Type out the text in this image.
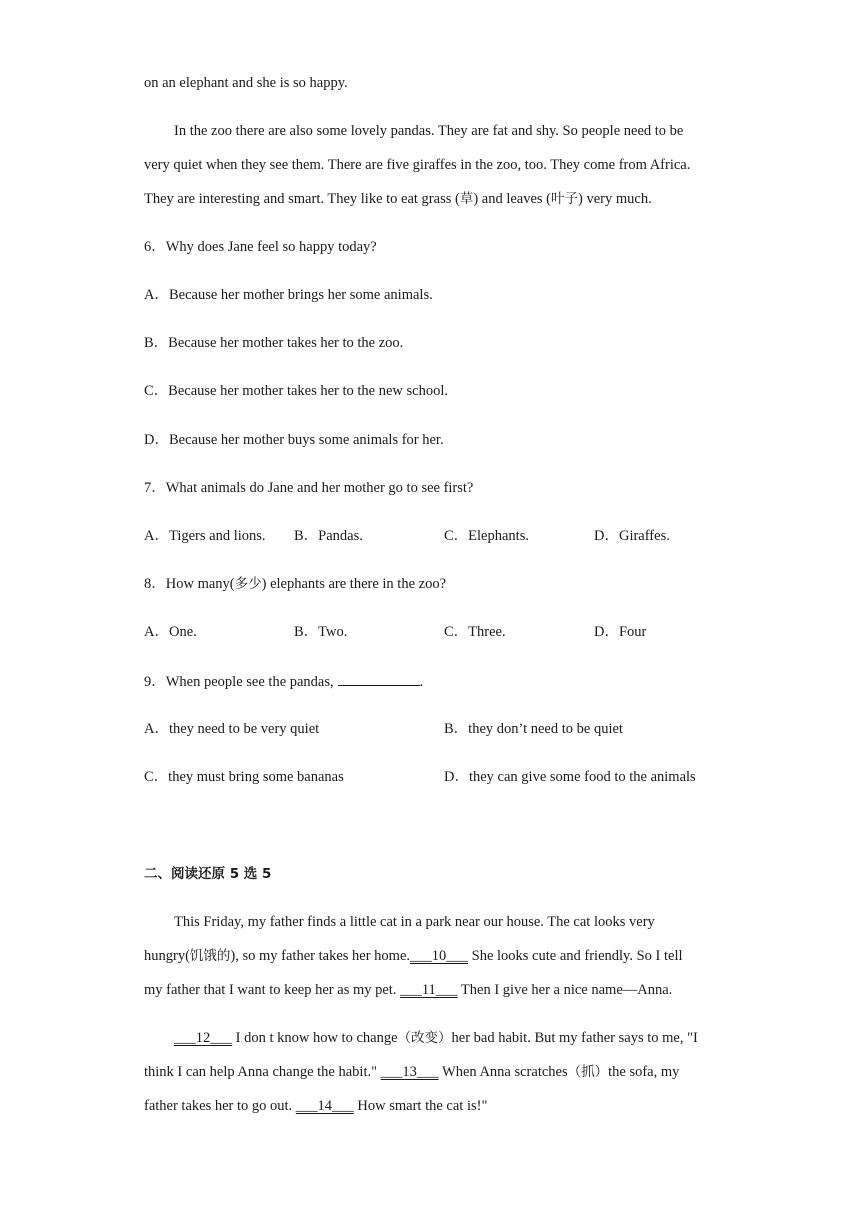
on an elephant and she is so happy.
In the zoo there are also some lovely pandas. They are fat and shy. So people need to be
very quiet when they see them. There are five giraffes in the zoo, too. They come from Africa.
They are interesting and smart. They like to eat grass (草) and leaves (叶子) very much.
6．Why does Jane feel so happy today?
A．Because her mother brings her some animals.
B．Because her mother takes her to the zoo.
C．Because her mother takes her to the new school.
D．Because her mother buys some animals for her.
7．What animals do Jane and her mother go to see first?
A．Tigers and lions. B．Pandas.	C．Elephants.	D．Giraffes.
8．How many(多少) elephants are there in the zoo?
A．One.	B．Two.	C．Three.	D．Four
9．When people see the pandas,	.
A．they need to be very quiet	B．they don’t need to be quiet
C．they must bring some bananas	D．they can give some food to the animals
二、阅读还原 5 选 5
This Friday, my father finds a little cat in a park near our house. The cat looks very
hungry(饥饿的), so my father takes her home.___10___ She looks cute and friendly. So I tell
my father that I want to keep her as my pet. ___11___ Then I give her a nice name—Anna.
___12___ I don t know how to change（改变）her bad habit. But my father says to me, "I
think I can help Anna change the habit." ___13___ When Anna scratches（抓）the sofa, my
father takes her to go out. ___14___ How smart the cat is!"
